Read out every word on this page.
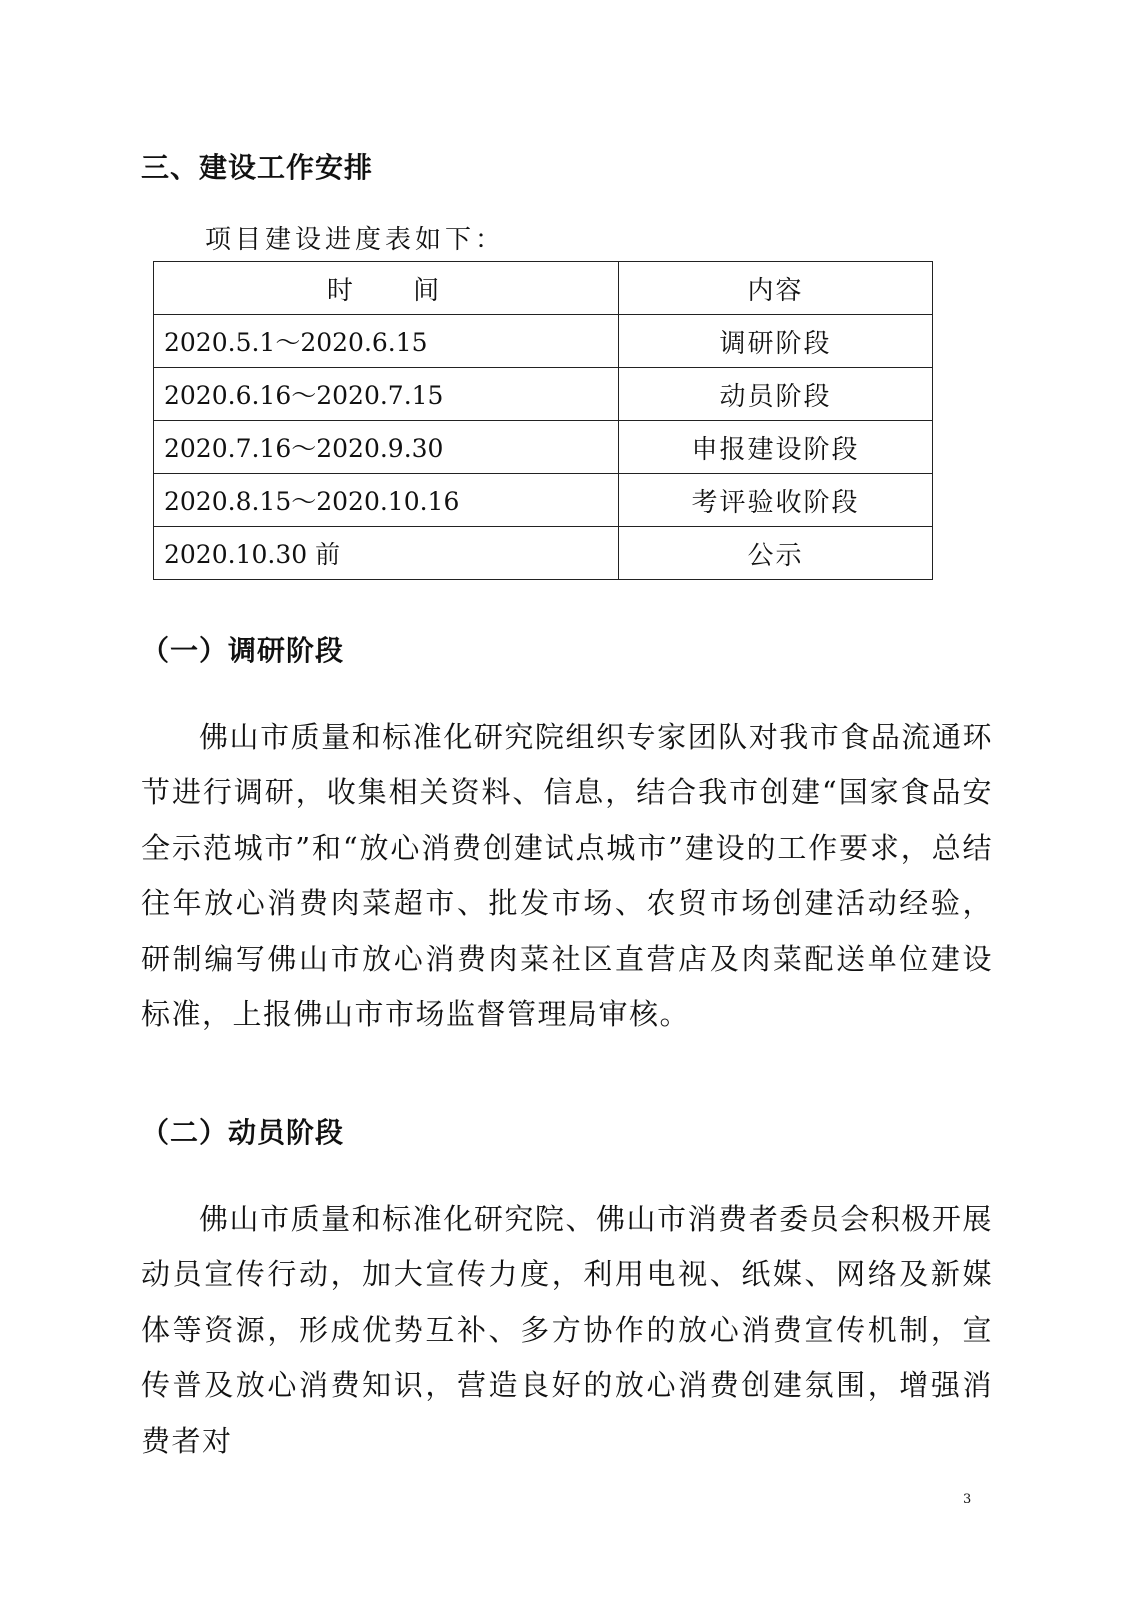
三、建设工作安排

项目建设进度表如下：

时 间	内容
2020.5.1～2020.6.15	调研阶段
2020.6.16～2020.7.15	动员阶段
2020.7.16～2020.9.30	申报建设阶段
2020.8.15～2020.10.16	考评验收阶段
2020.10.30 前	公示
（一）调研阶段

佛山市质量和标准化研究院组织专家团队对我市食品流通环节进行调研，收集相关资料、信息，结合我市创建“国家食品安全示范城市”和“放心消费创建试点城市”建设的工作要求，总结往年放心消费肉菜超市、批发市场、农贸市场创建活动经验，研制编写佛山市放心消费肉菜社区直营店及肉菜配送单位建设标准，上报佛山市市场监督管理局审核。

（二）动员阶段

佛山市质量和标准化研究院、佛山市消费者委员会积极开展动员宣传行动，加大宣传力度，利用电视、纸媒、网络及新媒体等资源，形成优势互补、多方协作的放心消费宣传机制，宣传普及放心消费知识，营造良好的放心消费创建氛围，增强消费者对

3
